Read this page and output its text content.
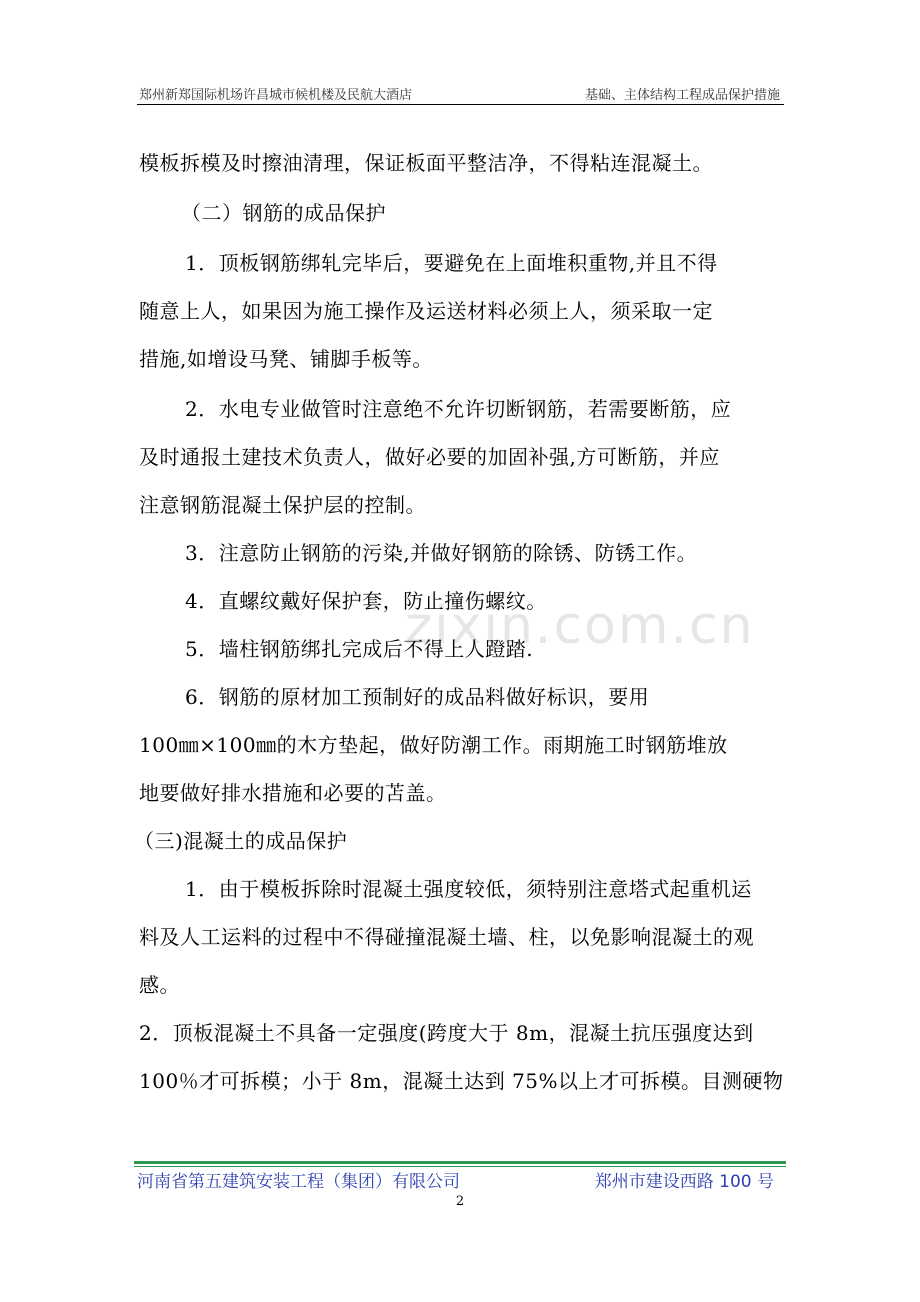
郑州新郑国际机场许昌城市候机楼及民航大酒店	基础、主体结构工程成品保护措施
zixin.com.cn
模板拆模及时擦油清理，保证板面平整洁净，不得粘连混凝土。
（二）钢筋的成品保护
1．顶板钢筋绑轧完毕后，要避免在上面堆积重物,并且不得
随意上人，如果因为施工操作及运送材料必须上人，须采取一定
措施,如增设马凳、铺脚手板等。
2．水电专业做管时注意绝不允许切断钢筋，若需要断筋，应
及时通报土建技术负责人，做好必要的加固补强,方可断筋，并应
注意钢筋混凝土保护层的控制。
3．注意防止钢筋的污染,并做好钢筋的除锈、防锈工作。
4．直螺纹戴好保护套，防止撞伤螺纹。
5．墙柱钢筋绑扎完成后不得上人蹬踏.
6．钢筋的原材加工预制好的成品料做好标识，要用
100㎜×100㎜的木方垫起，做好防潮工作。雨期施工时钢筋堆放
地要做好排水措施和必要的苫盖。
（三)混凝土的成品保护
1．由于模板拆除时混凝土强度较低，须特别注意塔式起重机运
料及人工运料的过程中不得碰撞混凝土墙、柱，以免影响混凝土的观
感。
2．顶板混凝土不具备一定强度(跨度大于 8m，混凝土抗压强度达到
100％才可拆模；小于 8m，混凝土达到 75%以上才可拆模。目测硬物
河南省第五建筑安装工程（集团）有限公司	郑州市建设西路 100 号
2
